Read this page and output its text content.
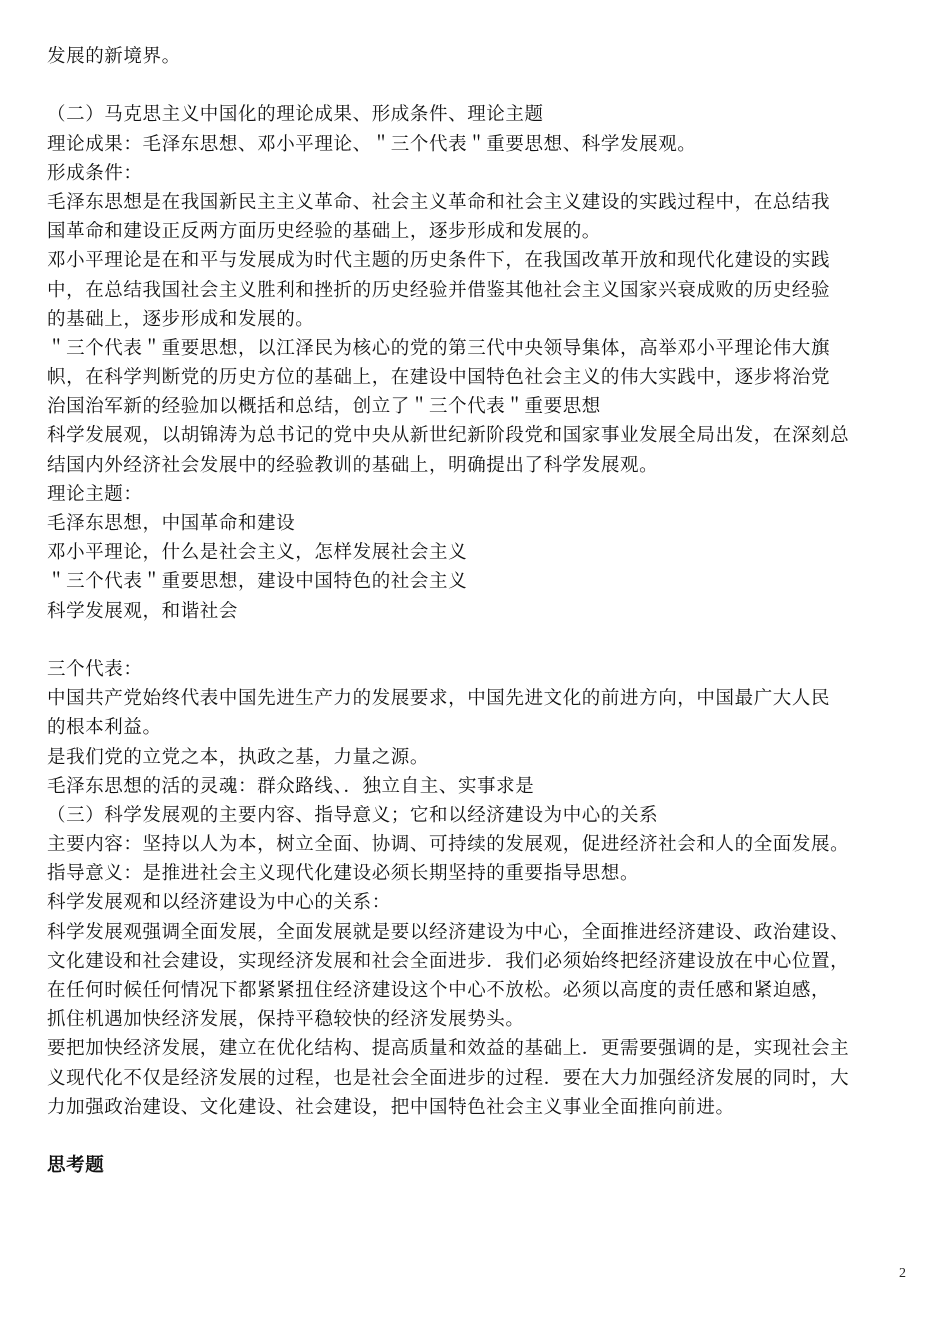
发展的新境界。
（二）马克思主义中国化的理论成果、形成条件、理论主题
理论成果：毛泽东思想、邓小平理论、＂三个代表＂重要思想、科学发展观。
形成条件：
毛泽东思想是在我国新民主主义革命、社会主义革命和社会主义建设的实践过程中，在总结我
国革命和建设正反两方面历史经验的基础上，逐步形成和发展的。
邓小平理论是在和平与发展成为时代主题的历史条件下，在我国改革开放和现代化建设的实践
中，在总结我国社会主义胜利和挫折的历史经验并借鉴其他社会主义国家兴衰成败的历史经验
的基础上，逐步形成和发展的。
＂三个代表＂重要思想，以江泽民为核心的党的第三代中央领导集体，高举邓小平理论伟大旗
帜，在科学判断党的历史方位的基础上，在建设中国特色社会主义的伟大实践中，逐步将治党
治国治军新的经验加以概括和总结，创立了＂三个代表＂重要思想
科学发展观，以胡锦涛为总书记的党中央从新世纪新阶段党和国家事业发展全局出发，在深刻总
结国内外经济社会发展中的经验教训的基础上，明确提出了科学发展观。
理论主题：
毛泽东思想，中国革命和建设
邓小平理论，什么是社会主义，怎样发展社会主义
＂三个代表＂重要思想，建设中国特色的社会主义
科学发展观，和谐社会
三个代表：
中国共产党始终代表中国先进生产力的发展要求，中国先进文化的前进方向，中国最广大人民
的根本利益。
是我们党的立党之本，执政之基，力量之源。
毛泽东思想的活的灵魂：群众路线、．独立自主、实事求是
（三）科学发展观的主要内容、指导意义；它和以经济建设为中心的关系
主要内容：坚持以人为本，树立全面、协调、可持续的发展观，促进经济社会和人的全面发展。
指导意义：是推进社会主义现代化建设必须长期坚持的重要指导思想。
科学发展观和以经济建设为中心的关系：
科学发展观强调全面发展，全面发展就是要以经济建设为中心，全面推进经济建设、政治建设、
文化建设和社会建设，实现经济发展和社会全面进步．我们必须始终把经济建设放在中心位置，
在任何时候任何情况下都紧紧扭住经济建设这个中心不放松。必须以高度的责任感和紧迫感，
抓住机遇加快经济发展，保持平稳较快的经济发展势头。
要把加快经济发展，建立在优化结构、提高质量和效益的基础上．更需要强调的是，实现社会主
义现代化不仅是经济发展的过程，也是社会全面进步的过程．要在大力加强经济发展的同时，大
力加强政治建设、文化建设、社会建设，把中国特色社会主义事业全面推向前进。
思考题
2
